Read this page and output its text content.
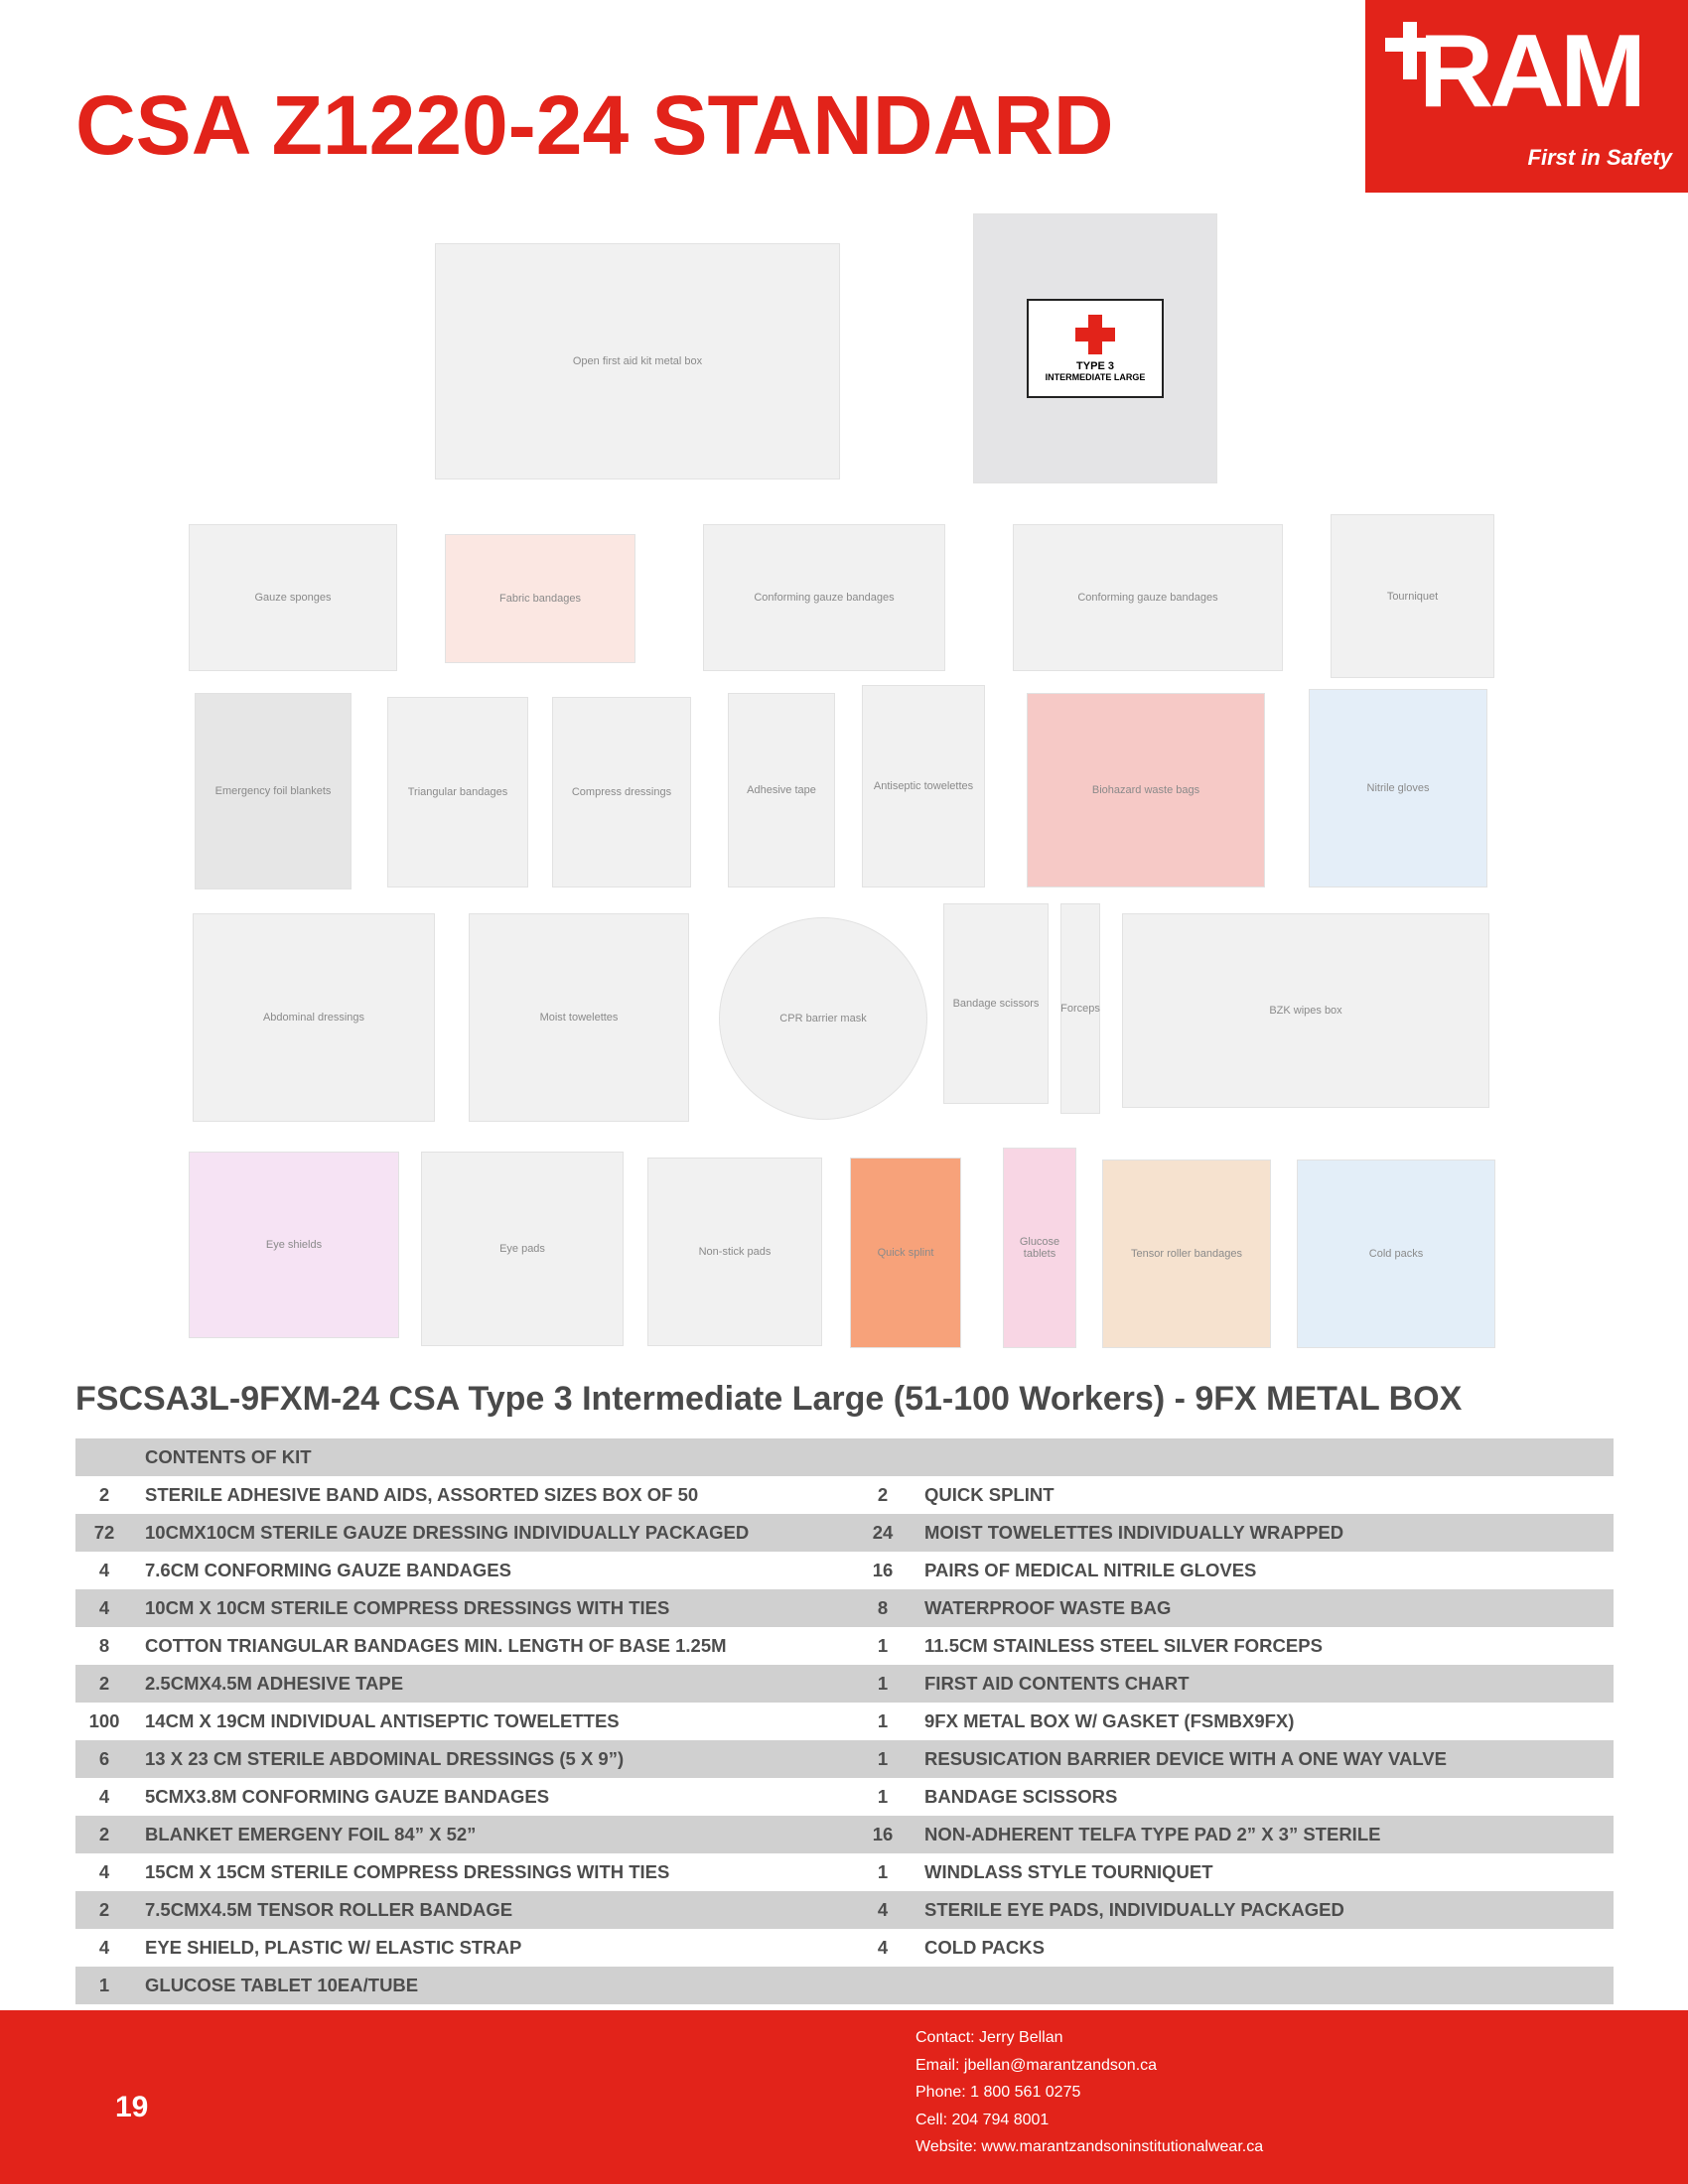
CSA Z1220-24 STANDARD	RAM
First in Safety
Open first aid kit metal box	TYPE 3
INTERMEDIATE LARGE
Gauze sponges	Fabric bandages	Conforming gauze bandages	Conforming gauze bandages	Tourniquet
Emergency foil blankets	Triangular bandages	Compress dressings	Adhesive tape	Antiseptic towelettes	Biohazard waste bags	Nitrile gloves
Abdominal dressings	Moist towelettes	CPR barrier mask
Bandage scissors Forceps	BZK wipes box
Eye shields	Eye pads	Non-stick pads	Quick splint
Glucose tablets	Tensor roller bandages	Cold packs
FSCSA3L-9FXM-24 CSA Type 3 Intermediate Large (51-100 Workers) - 9FX METAL BOX
	CONTENTS OF KIT		
2	STERILE ADHESIVE BAND AIDS, ASSORTED SIZES BOX OF 50	2	QUICK SPLINT
72	10CMX10CM STERILE GAUZE DRESSING INDIVIDUALLY PACKAGED	24	MOIST TOWELETTES INDIVIDUALLY WRAPPED
4	7.6CM CONFORMING GAUZE BANDAGES	16	PAIRS OF MEDICAL NITRILE GLOVES
4	10CM X 10CM STERILE COMPRESS DRESSINGS WITH TIES	8	WATERPROOF WASTE BAG
8	COTTON TRIANGULAR BANDAGES MIN. LENGTH OF BASE 1.25M	1	11.5CM STAINLESS STEEL SILVER FORCEPS
2	2.5CMX4.5M ADHESIVE TAPE	1	FIRST AID CONTENTS CHART
100	14CM X 19CM INDIVIDUAL ANTISEPTIC TOWELETTES	1	9FX METAL BOX W/ GASKET (FSMBX9FX)
6	13 X 23 CM STERILE ABDOMINAL DRESSINGS (5 X 9”)	1	RESUSICATION BARRIER DEVICE WITH A ONE WAY VALVE
4	5CMX3.8M CONFORMING GAUZE BANDAGES	1	BANDAGE SCISSORS
2	BLANKET EMERGENY FOIL 84” X 52”	16	NON-ADHERENT TELFA TYPE PAD 2” X 3” STERILE
4	15CM X 15CM STERILE COMPRESS DRESSINGS WITH TIES	1	WINDLASS STYLE TOURNIQUET
2	7.5CMX4.5M TENSOR ROLLER BANDAGE	4	STERILE EYE PADS, INDIVIDUALLY PACKAGED
4	EYE SHIELD, PLASTIC W/ ELASTIC STRAP	4	COLD PACKS
1	GLUCOSE TABLET 10EA/TUBE		
19
Contact: Jerry Bellan
Email: jbellan@marantzandson.ca
Phone: 1 800 561 0275
Cell: 204 794 8001
Website: www.marantzandsoninstitutionalwear.ca
